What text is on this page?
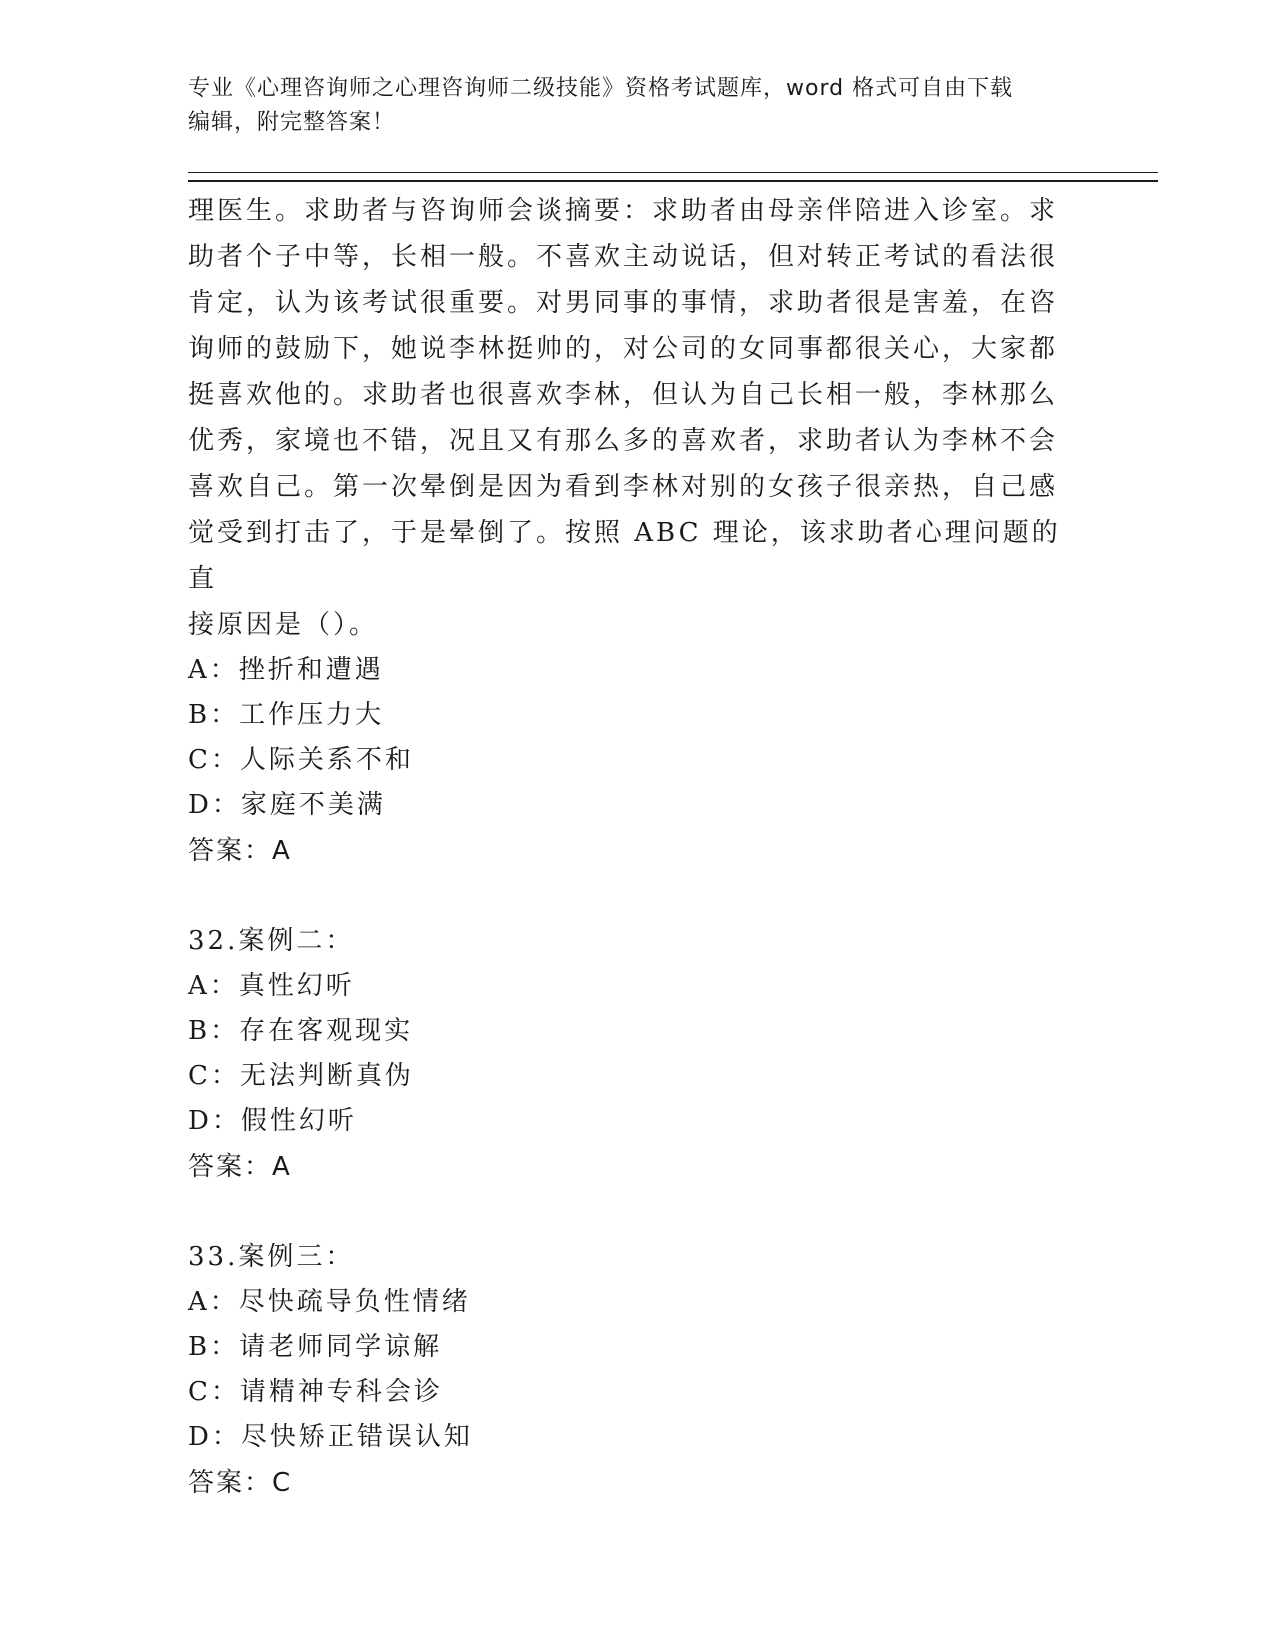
专业《心理咨询师之心理咨询师二级技能》资格考试题库，word 格式可自由下载
编辑，附完整答案！

理医生。求助者与咨询师会谈摘要：求助者由母亲伴陪进入诊室。求

助者个子中等，长相一般。不喜欢主动说话，但对转正考试的看法很

肯定，认为该考试很重要。对男同事的事情，求助者很是害羞，在咨

询师的鼓励下，她说李林挺帅的，对公司的女同事都很关心，大家都

挺喜欢他的。求助者也很喜欢李林，但认为自己长相一般，李林那么

优秀，家境也不错，况且又有那么多的喜欢者，求助者认为李林不会

喜欢自己。第一次晕倒是因为看到李林对别的女孩子很亲热，自己感

觉受到打击了，于是晕倒了。按照 ABC 理论，该求助者心理问题的直

接原因是（）。

A：挫折和遭遇

B：工作压力大

C：人际关系不和

D：家庭不美满

答案：A

32.案例二：

A：真性幻听

B：存在客观现实

C：无法判断真伪

D：假性幻听

答案：A

33.案例三：

A：尽快疏导负性情绪

B：请老师同学谅解

C：请精神专科会诊

D：尽快矫正错误认知

答案：C
